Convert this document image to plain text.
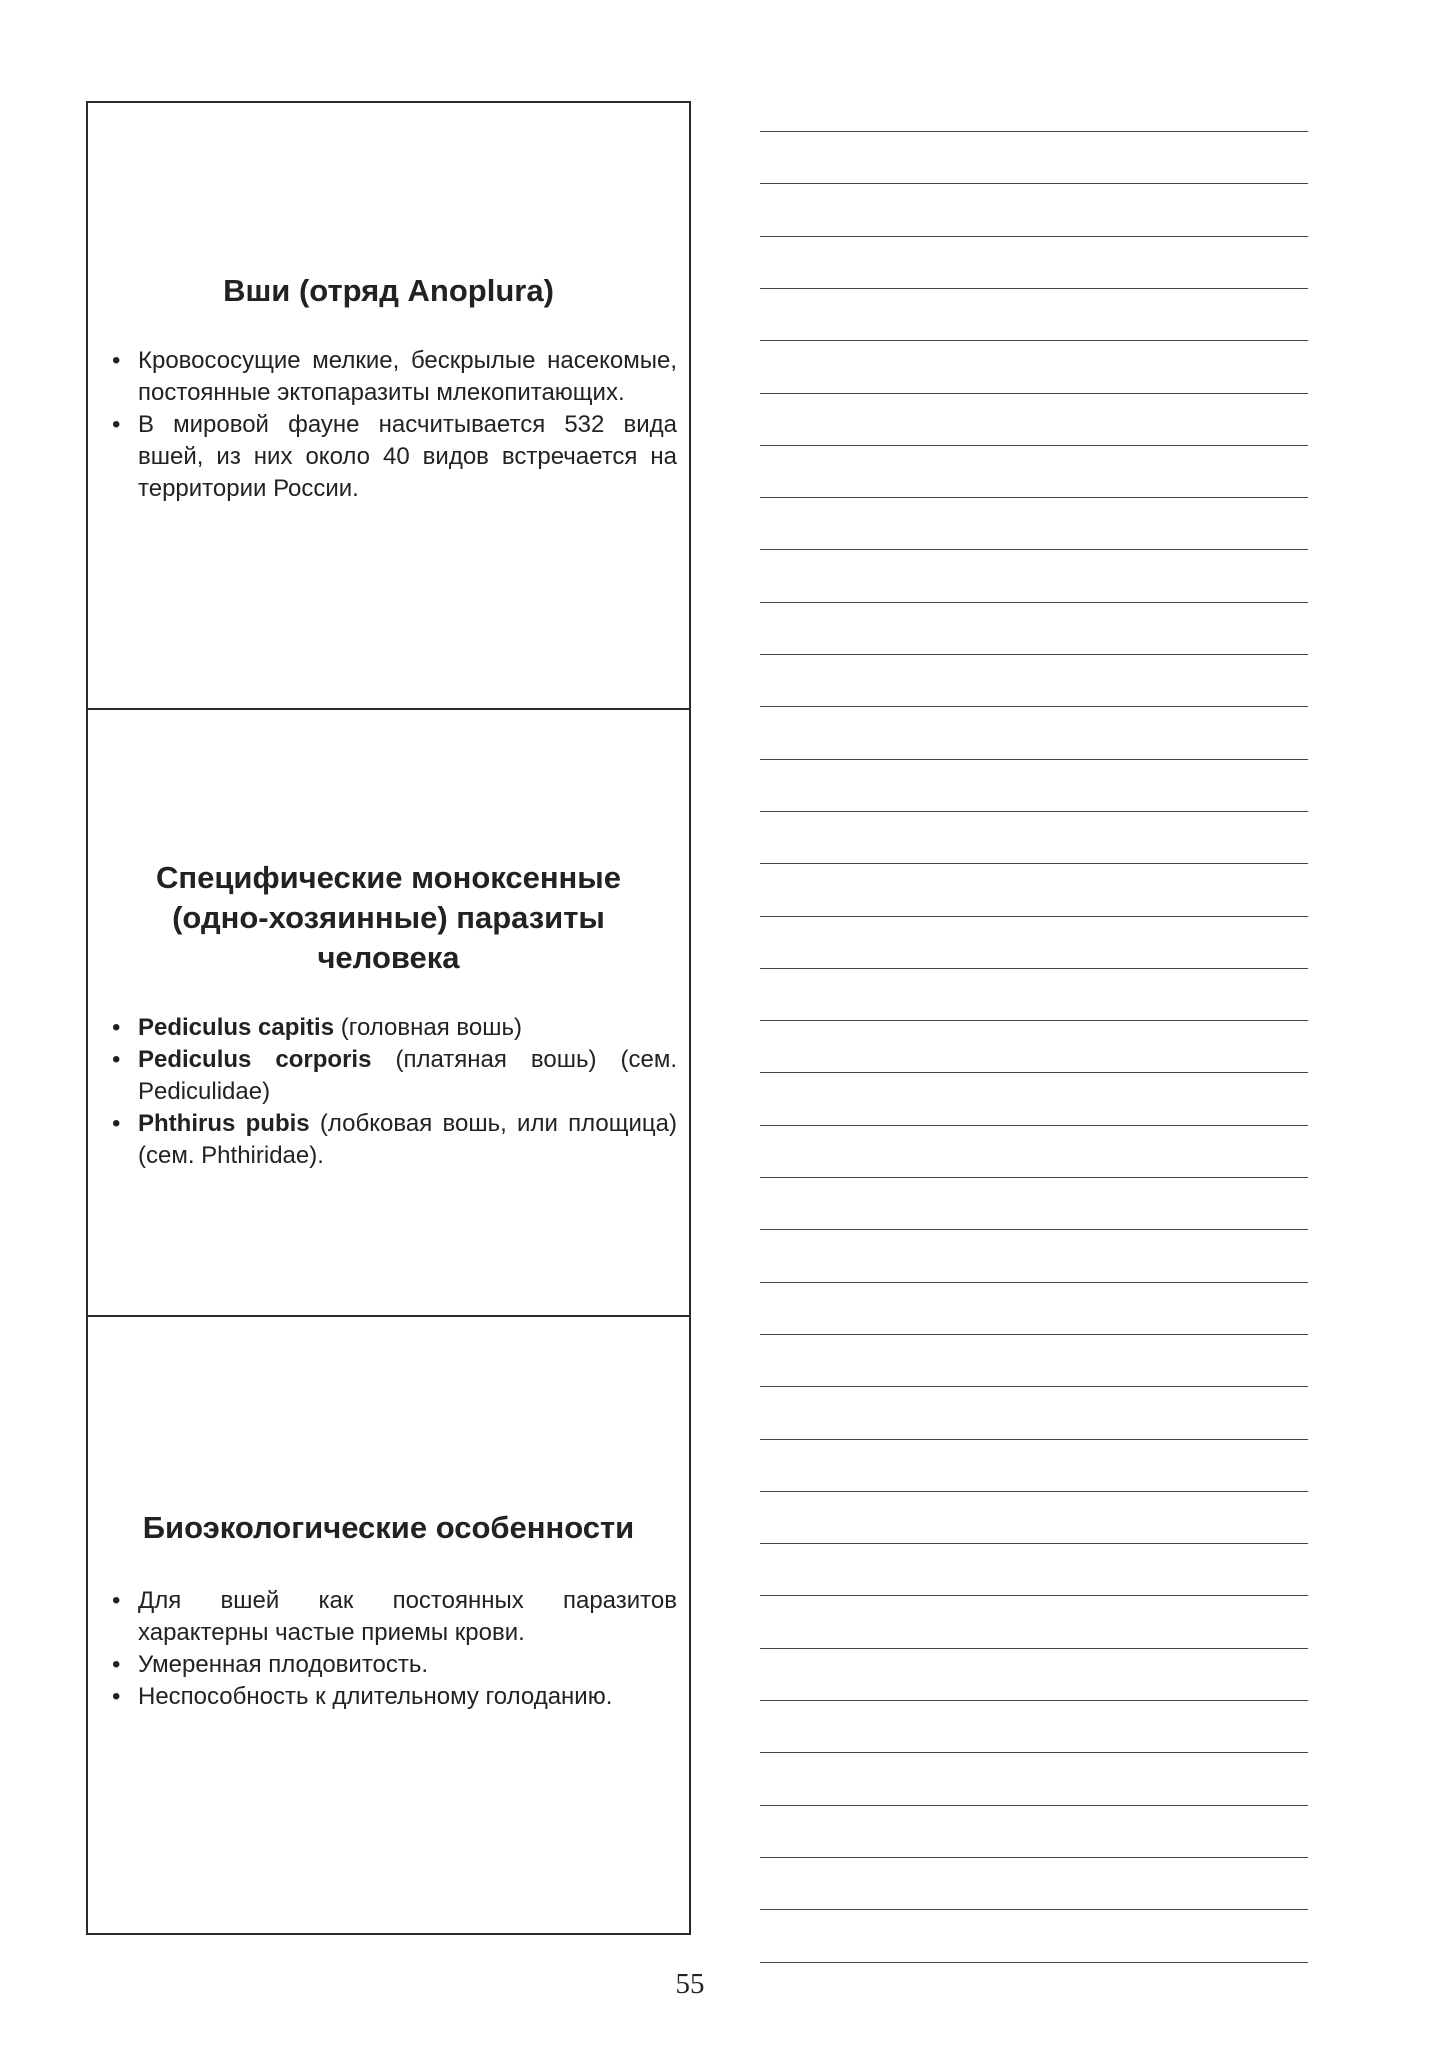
Вши (отряд Anoplura)
• Кровососущие мелкие, бескрылые насекомые, постоянные эктопаразиты млекопитающих.
• В мировой фауне насчитывается 532 вида вшей, из них около 40 видов встречается на территории России.
Специфические моноксенные (одно-хозяинные) паразиты человека
• Pediculus capitis (головная вошь)
• Pediculus corporis (платяная вошь) (сем. Pediculidae)
• Phthirus pubis (лобковая вошь, или площица) (сем. Phthiridae).
Биоэкологические особенности
• Для вшей как постоянных паразитов характерны частые приемы крови.
• Умеренная плодовитость.
• Неспособность к длительному голоданию.
55
